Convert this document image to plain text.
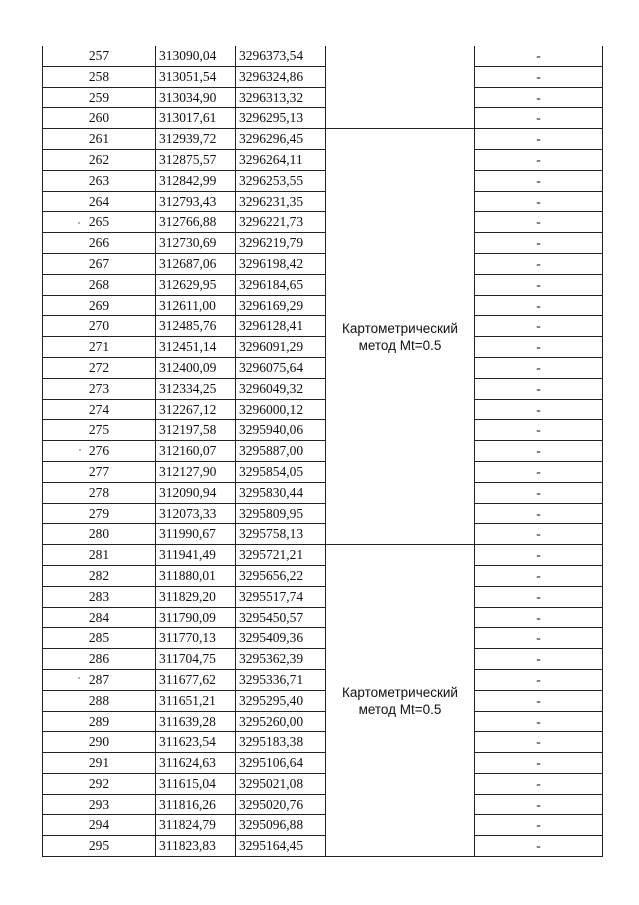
257	313090,04	3296373,54		-
258	313051,54	3296324,86		-
259	313034,90	3296313,32		-
260	313017,61	3296295,13		-
261	312939,72	3296296,45	Картометрический метод Mt=0.5	-
262	312875,57	3296264,11		-
263	312842,99	3296253,55		-
264	312793,43	3296231,35		-
265	312766,88	3296221,73		-
266	312730,69	3296219,79		-
267	312687,06	3296198,42		-
268	312629,95	3296184,65		-
269	312611,00	3296169,29		-
270	312485,76	3296128,41		-
271	312451,14	3296091,29		-
272	312400,09	3296075,64		-
273	312334,25	3296049,32		-
274	312267,12	3296000,12		-
275	312197,58	3295940,06		-
276	312160,07	3295887,00		-
277	312127,90	3295854,05		-
278	312090,94	3295830,44		-
279	312073,33	3295809,95		-
280	311990,67	3295758,13		-
281	311941,49	3295721,21	Картометрический метод Mt=0.5	-
282	311880,01	3295656,22		-
283	311829,20	3295517,74		-
284	311790,09	3295450,57		-
285	311770,13	3295409,36		-
286	311704,75	3295362,39		-
287	311677,62	3295336,71		-
288	311651,21	3295295,40		-
289	311639,28	3295260,00		-
290	311623,54	3295183,38		-
291	311624,63	3295106,64		-
292	311615,04	3295021,08		-
293	311816,26	3295020,76		-
294	311824,79	3295096,88		-
295	311823,83	3295164,45		-
